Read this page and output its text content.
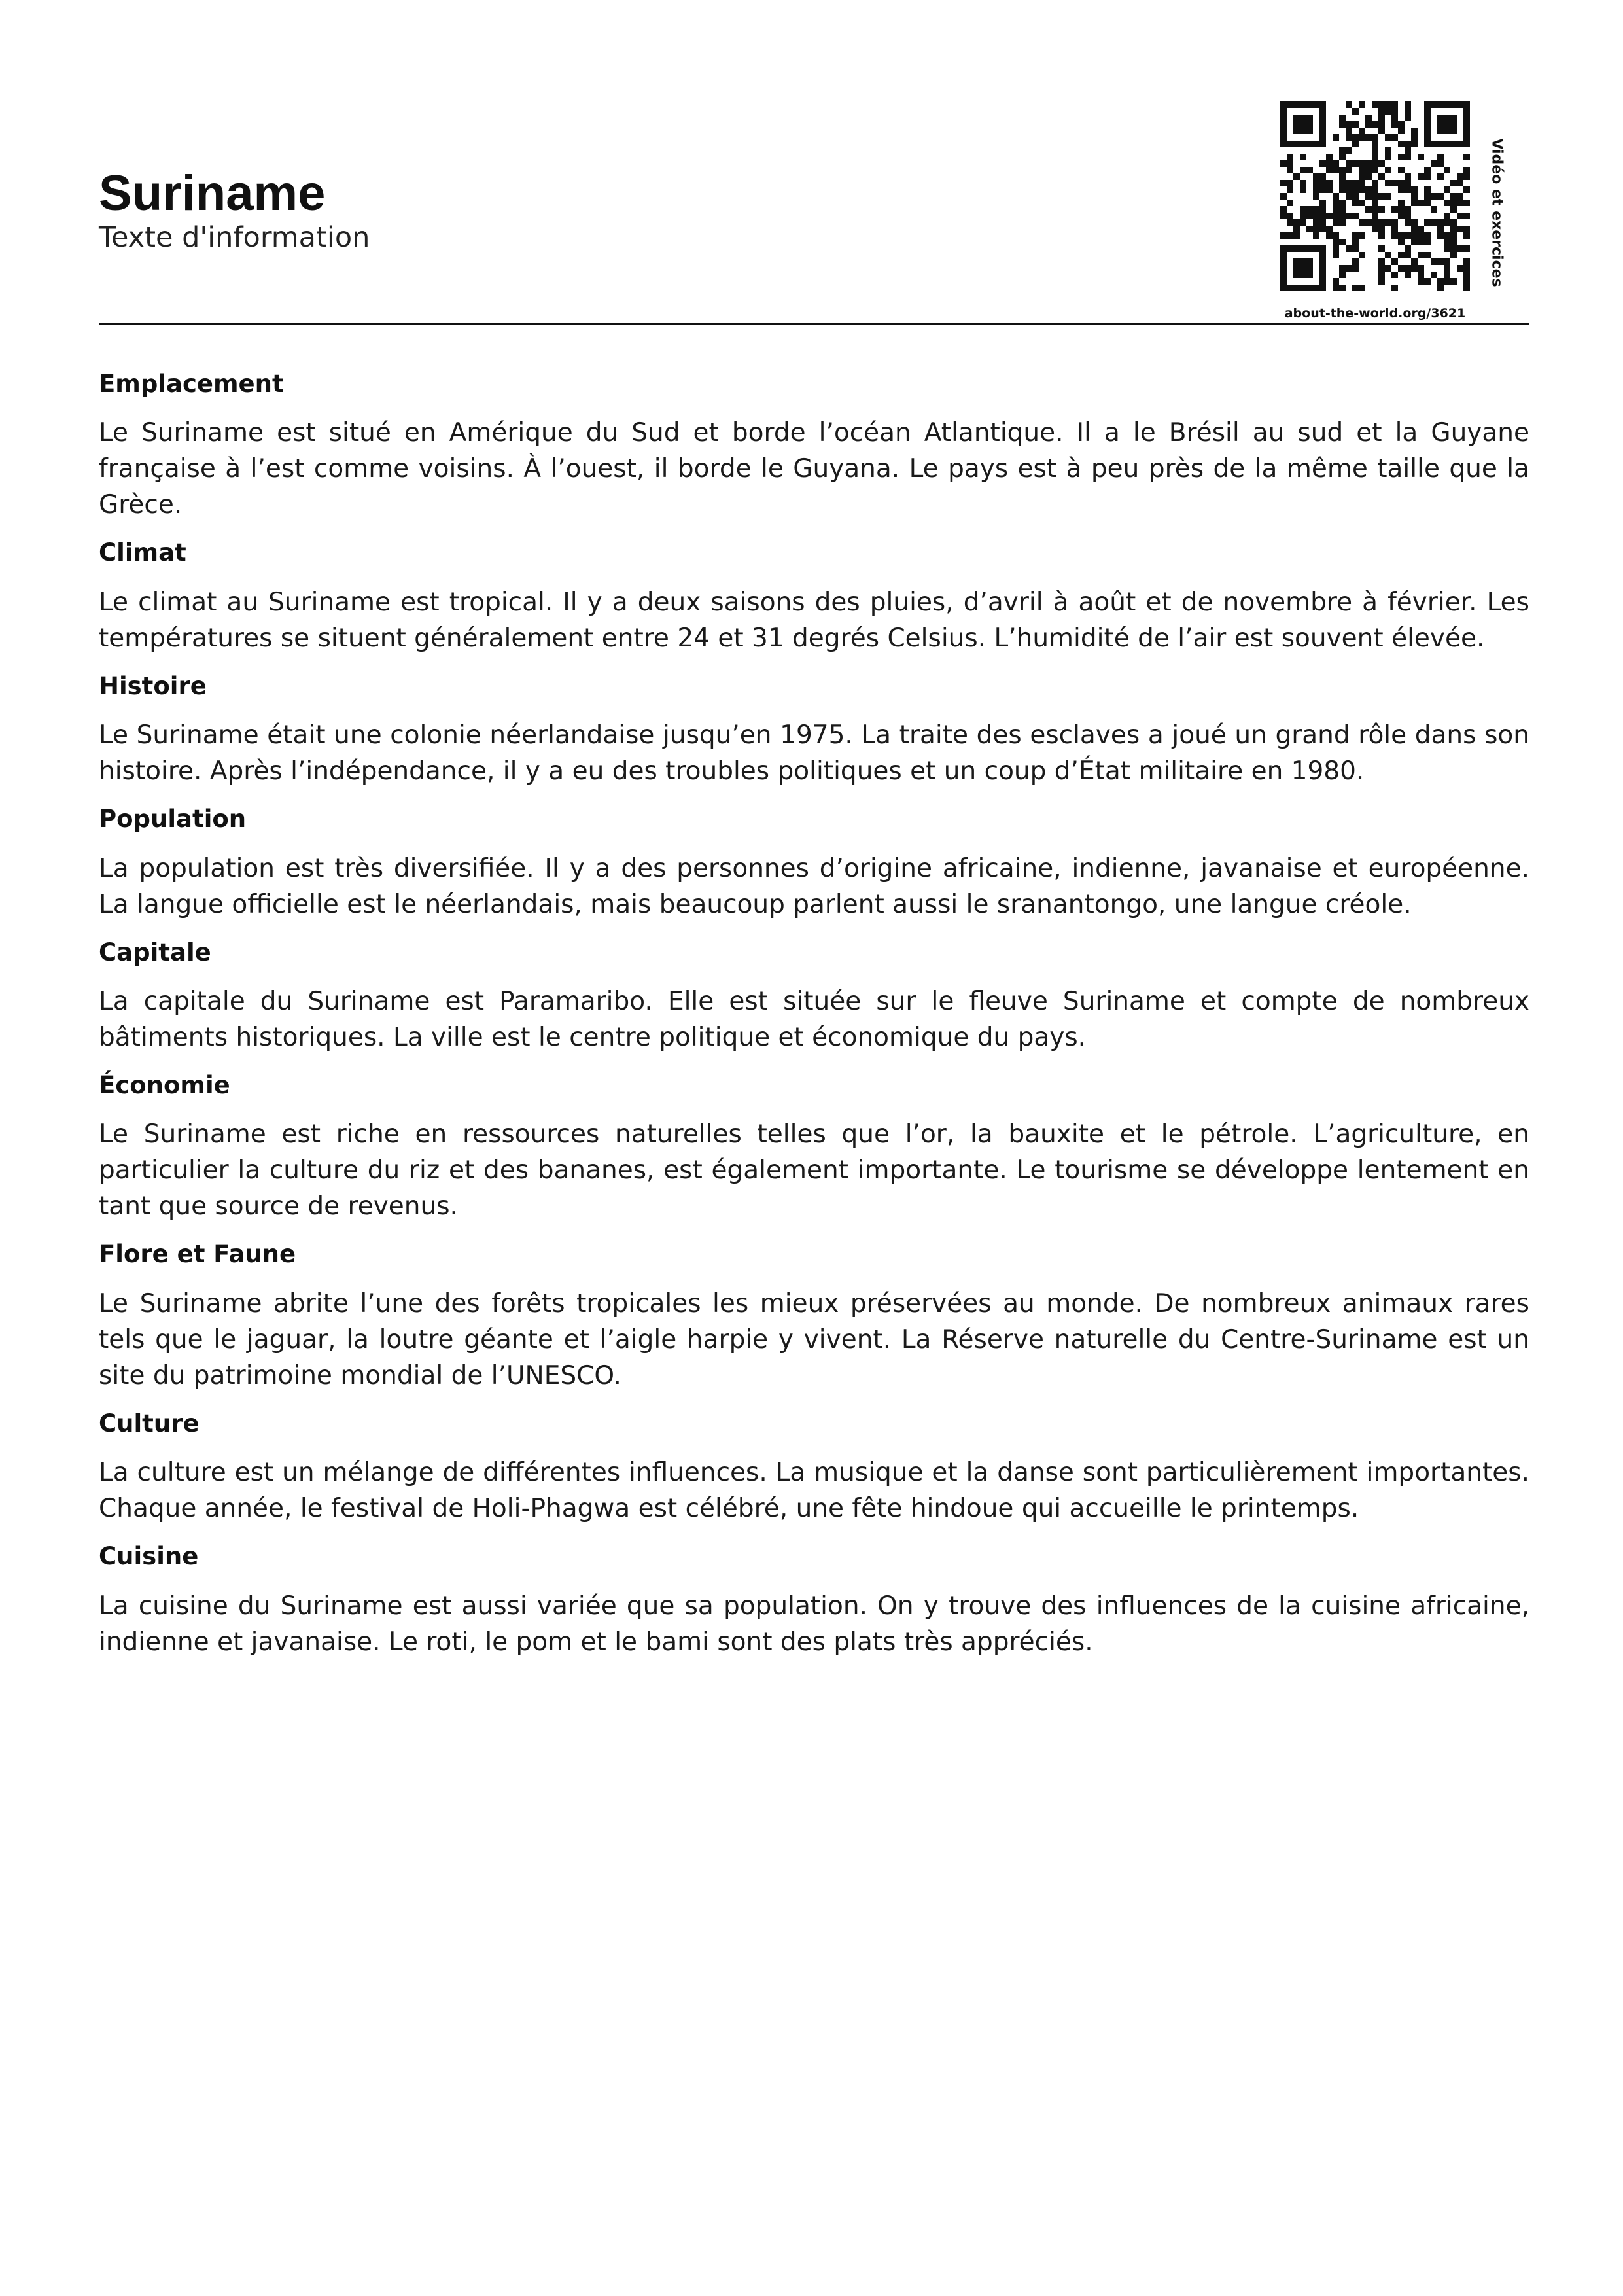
Suriname
Texte d'information
about-the-world.org/3621
Vidéo et exercices
Emplacement

Le Suriname est situé en Amérique du Sud et borde l’océan Atlantique. Il a le Brésil au sud et la Guyane française à l’est comme voisins. À l’ouest, il borde le Guyana. Le pays est à peu près de la même taille que la Grèce.

Climat

Le climat au Suriname est tropical. Il y a deux saisons des pluies, d’avril à août et de novembre à février. Les températures se situent généralement entre 24 et 31 degrés Celsius. L’humidité de l’air est souvent élevée.

Histoire

Le Suriname était une colonie néerlandaise jusqu’en 1975. La traite des esclaves a joué un grand rôle dans son histoire. Après l’indépendance, il y a eu des troubles politiques et un coup d’État militaire en 1980.

Population

La population est très diversifiée. Il y a des personnes d’origine africaine, indienne, javanaise et européenne. La langue officielle est le néerlandais, mais beaucoup parlent aussi le sranantongo, une langue créole.

Capitale

La capitale du Suriname est Paramaribo. Elle est située sur le fleuve Suriname et compte de nombreux bâtiments historiques. La ville est le centre politique et économique du pays.

Économie

Le Suriname est riche en ressources naturelles telles que l’or, la bauxite et le pétrole. L’agriculture, en particulier la culture du riz et des bananes, est également importante. Le tourisme se développe lentement en tant que source de revenus.

Flore et Faune

Le Suriname abrite l’une des forêts tropicales les mieux préservées au monde. De nombreux animaux rares tels que le jaguar, la loutre géante et l’aigle harpie y vivent. La Réserve naturelle du Centre-Suriname est un site du patrimoine mondial de l’UNESCO.

Culture

La culture est un mélange de différentes influences. La musique et la danse sont particulièrement importantes. Chaque année, le festival de Holi-Phagwa est célébré, une fête hindoue qui accueille le printemps.

Cuisine

La cuisine du Suriname est aussi variée que sa population. On y trouve des influences de la cuisine africaine, indienne et javanaise. Le roti, le pom et le bami sont des plats très appréciés.
